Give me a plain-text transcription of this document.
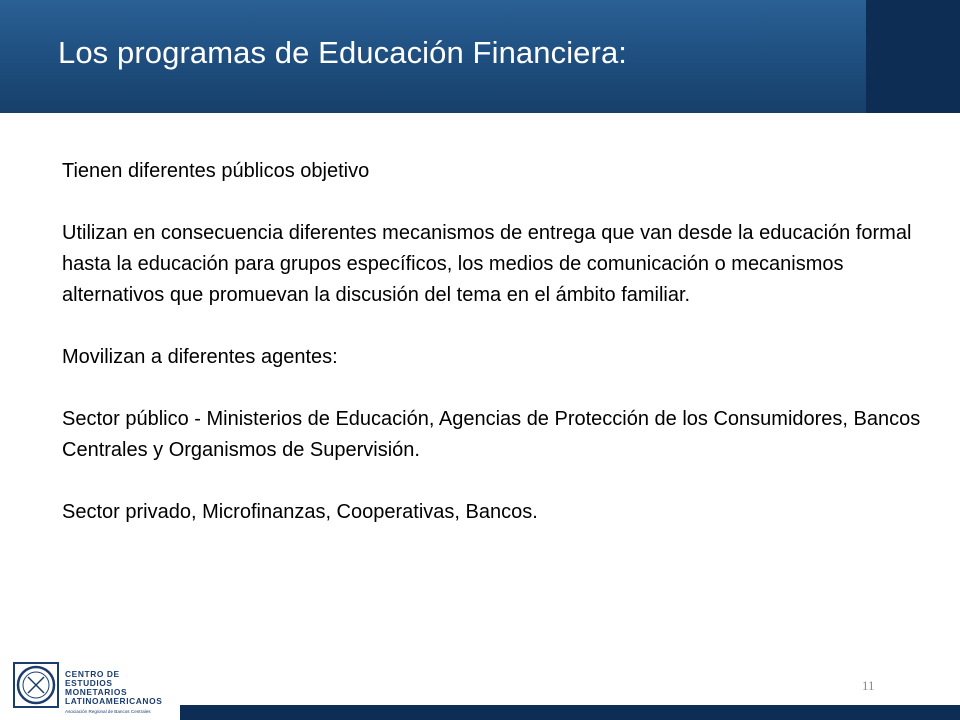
Los programas de Educación Financiera:

Tienen diferentes públicos objetivo

Utilizan en consecuencia diferentes mecanismos de entrega que van desde la educación formal hasta la educación para grupos específicos, los medios de comunicación o mecanismos alternativos que promuevan la discusión del tema en el ámbito familiar.

Movilizan a diferentes agentes:

Sector público - Ministerios de Educación, Agencias de Protección de los Consumidores, Bancos Centrales y Organismos de Supervisión.

Sector privado, Microfinanzas, Cooperativas, Bancos.

CENTRO DE
ESTUDIOS
MONETARIOS
LATINOAMERICANOS
Asociación Regional de Bancos Centrales
11
